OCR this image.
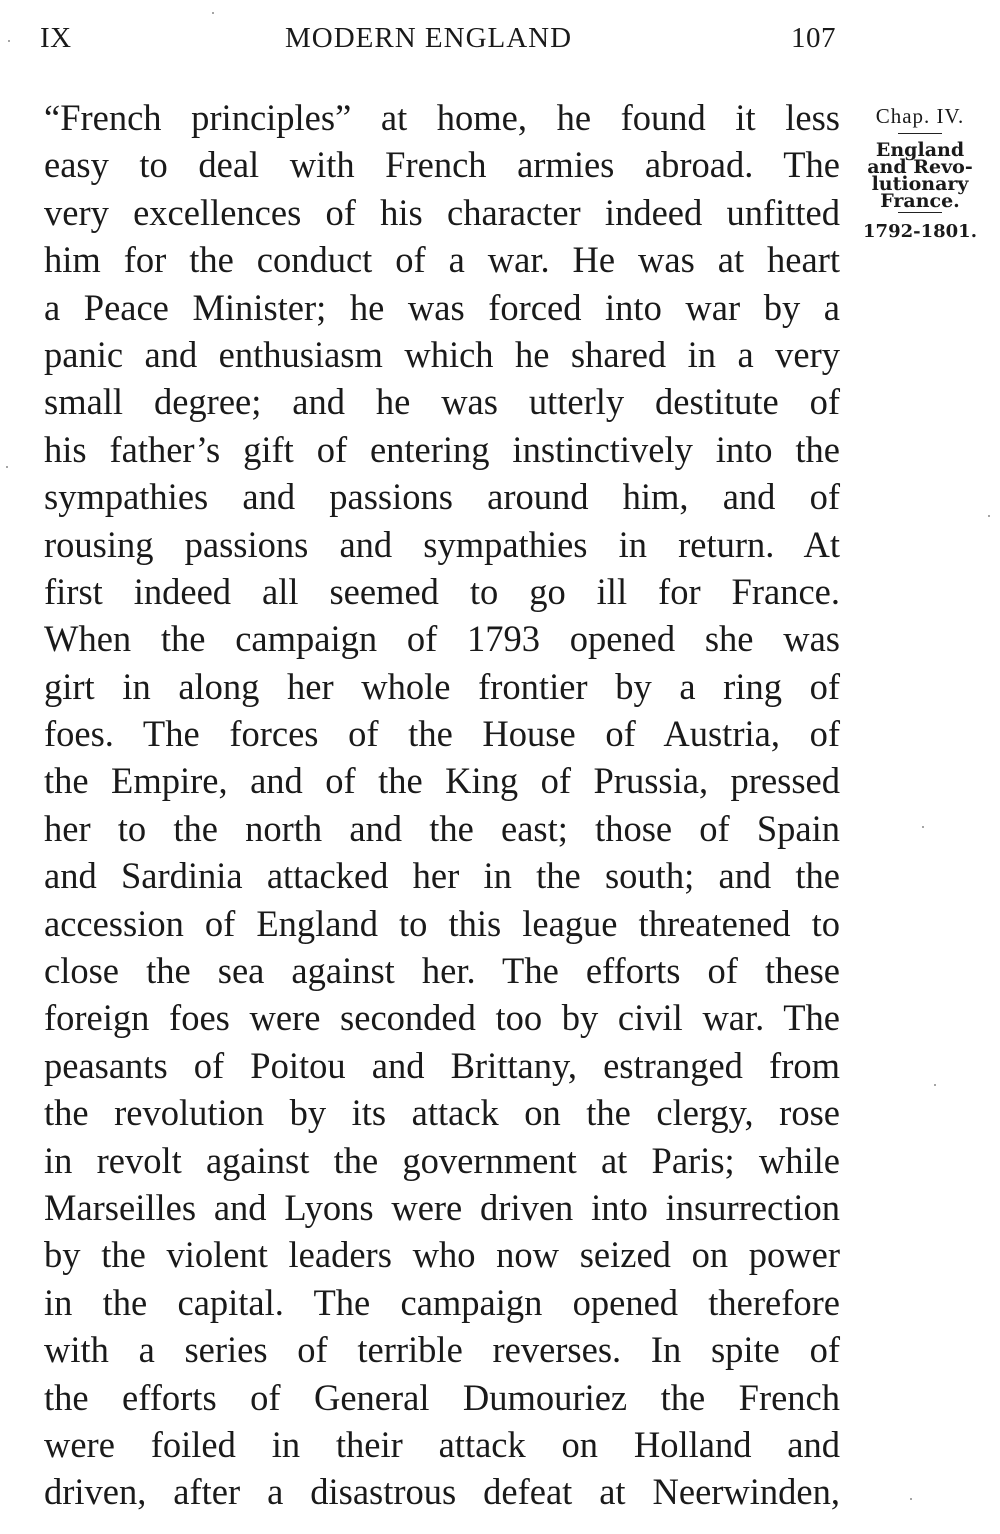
IX	MODERN ENGLAND	107
“French principles” at home, he found it less
easy to deal with French armies abroad. The
very excellences of his character indeed unfitted
him for the conduct of a war. He was at heart
a Peace Minister; he was forced into war by a
panic and enthusiasm which he shared in a very
small degree; and he was utterly destitute of
his father’s gift of entering instinctively into the
sympathies and passions around him, and of
rousing passions and sympathies in return. At
first indeed all seemed to go ill for France.
When the campaign of 1793 opened she was
girt in along her whole frontier by a ring of
foes. The forces of the House of Austria, of
the Empire, and of the King of Prussia, pressed
her to the north and the east; those of Spain
and Sardinia attacked her in the south; and the
accession of England to this league threatened to
close the sea against her. The efforts of these
foreign foes were seconded too by civil war. The
peasants of Poitou and Brittany, estranged from
the revolution by its attack on the clergy, rose
in revolt against the government at Paris; while
Marseilles and Lyons were driven into insurrection
by the violent leaders who now seized on power
in the capital. The campaign opened therefore
with a series of terrible reverses. In spite of
the efforts of General Dumouriez the French
were foiled in their attack on Holland and
driven, after a disastrous defeat at Neerwinden,
Chap. IV.
England
and Revo-
lutionary
France.
1792-1801.
